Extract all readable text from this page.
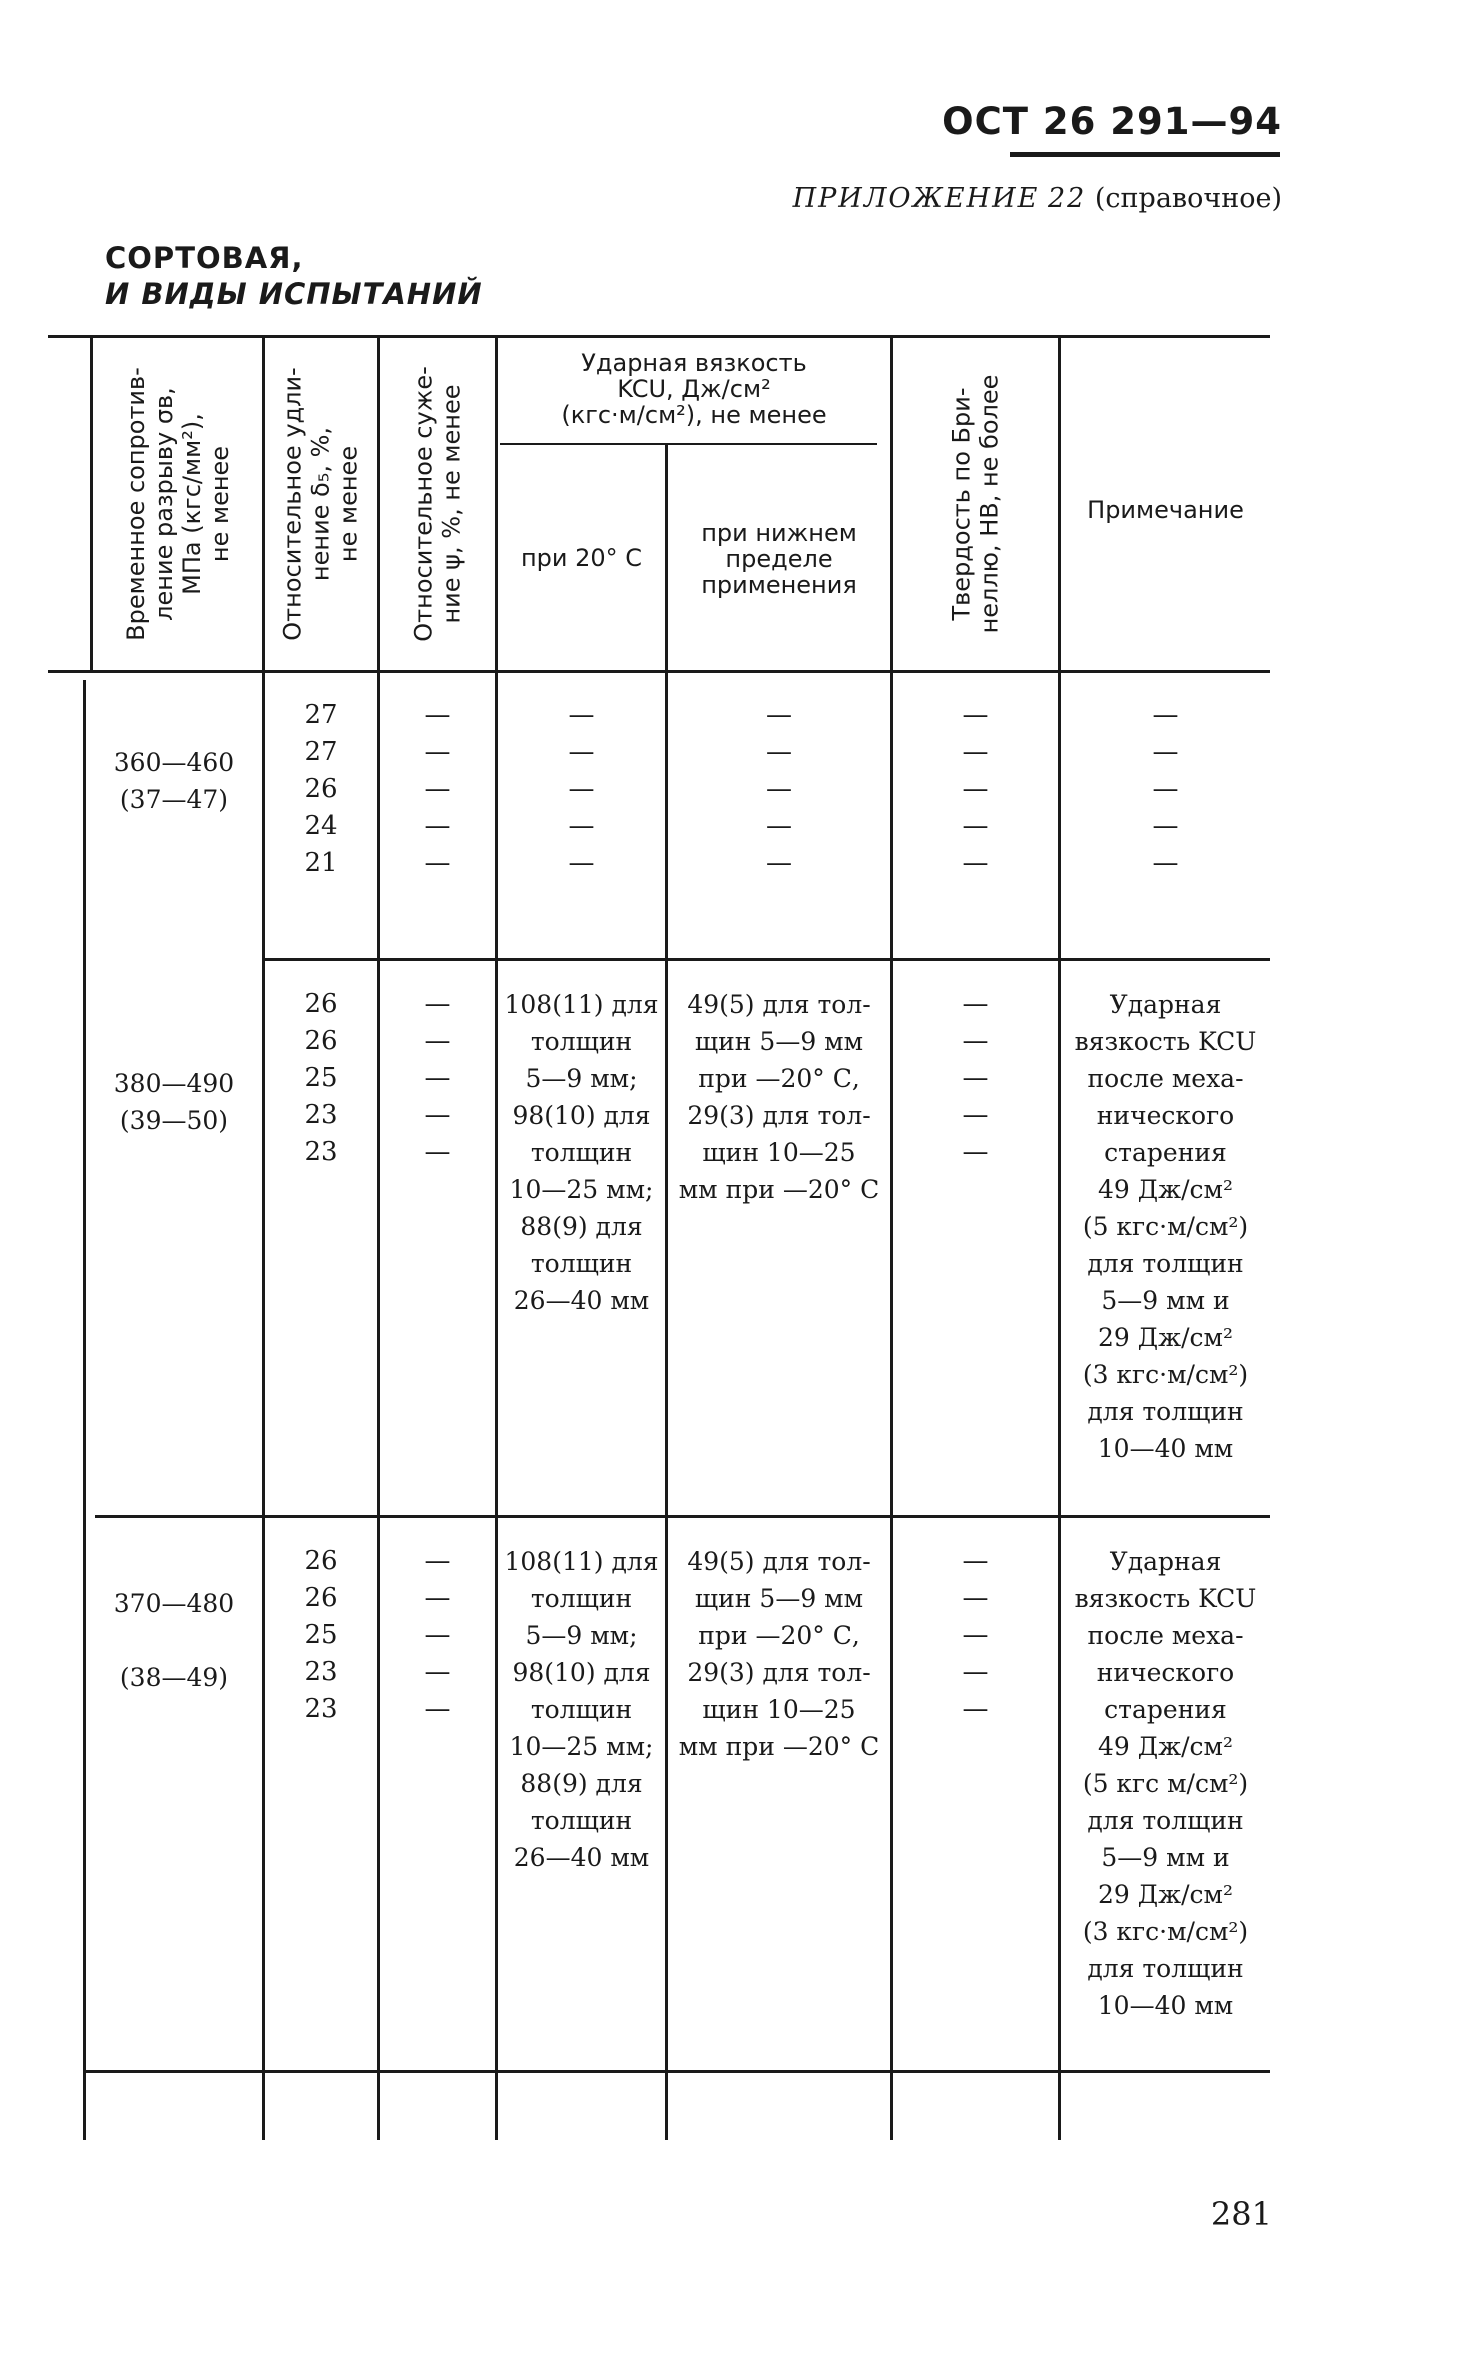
ОСТ 26 291—94
ПРИЛОЖЕНИЕ 22 (справочное)
СОРТОВАЯ,
И ВИДЫ ИСПЫТАНИЙ
Временное сопротив-
ление разрыву σв,
МПа (кгс/мм²),
не менее Относительное удли-
нение δ₅, %,
не менее Относительное суже-
ние ψ, %, не менее
Ударная вязкость
KCU, Дж/см²
(кгс·м/см²), не менее
при 20° С
при нижнем
пределе
применения	Твердость по Бри-
неллю, НВ, не более
Примечание
360—460
(37—47)
27
27
26
24
21
—
—
—
—
—
—
—
—
—
—
—
—
—
—
—
—
—
—
—
—
—
—
—
—
—
380—490
(39—50)
26
26
25
23
23
—
—
—
—
—
108(11) для
толщин
5—9 мм;
98(10) для
толщин
10—25 мм;
88(9) для
толщин
26—40 мм
49(5) для тол-
щин 5—9 мм
при —20° С,
29(3) для тол-
щин 10—25
мм при —20° С
—
—
—
—
—
Ударная
вязкость KCU
после меха-
нического
старения
49 Дж/см²
(5 кгс·м/см²)
для толщин
5—9 мм и
29 Дж/см²
(3 кгс·м/см²)
для толщин
10—40 мм
370—480

(38—49)
26
26
25
23
23
—
—
—
—
—
108(11) для
толщин
5—9 мм;
98(10) для
толщин
10—25 мм;
88(9) для
толщин
26—40 мм
49(5) для тол-
щин 5—9 мм
при —20° С,
29(3) для тол-
щин 10—25
мм при —20° С
—
—
—
—
—
Ударная
вязкость KCU
после меха-
нического
старения
49 Дж/см²
(5 кгс м/см²)
для толщин
5—9 мм и
29 Дж/см²
(3 кгс·м/см²)
для толщин
10—40 мм
281
